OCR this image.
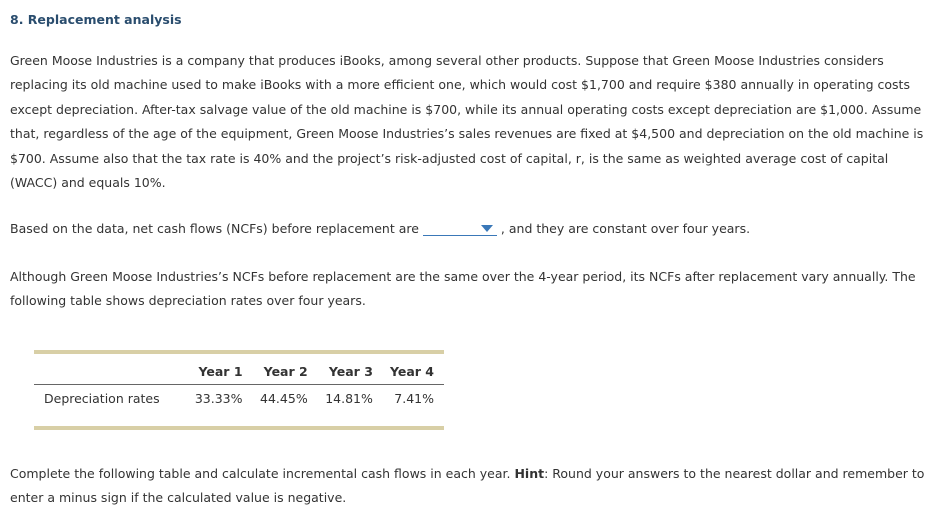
8. Replacement analysis

Green Moose Industries is a company that produces iBooks, among several other products. Suppose that Green Moose Industries considers replacing its old machine used to make iBooks with a more efficient one, which would cost $1,700 and require $380 annually in operating costs except depreciation. After-tax salvage value of the old machine is $700, while its annual operating costs except depreciation are $1,000. Assume that, regardless of the age of the equipment, Green Moose Industries’s sales revenues are fixed at $4,500 and depreciation on the old machine is $700. Assume also that the tax rate is 40% and the project’s risk-adjusted cost of capital, r, is the same as weighted average cost of capital (WACC) and equals 10%.

Based on the data, net cash flows (NCFs) before replacement are	, and they are constant over four years.

Although Green Moose Industries’s NCFs before replacement are the same over the 4-year period, its NCFs after replacement vary annually. The following table shows depreciation rates over four years.

	Year 1	Year 2	Year 3	Year 4
Depreciation rates	33.33%	44.45%	14.81%	7.41%

Complete the following table and calculate incremental cash flows in each year. Hint: Round your answers to the nearest dollar and remember to enter a minus sign if the calculated value is negative.
